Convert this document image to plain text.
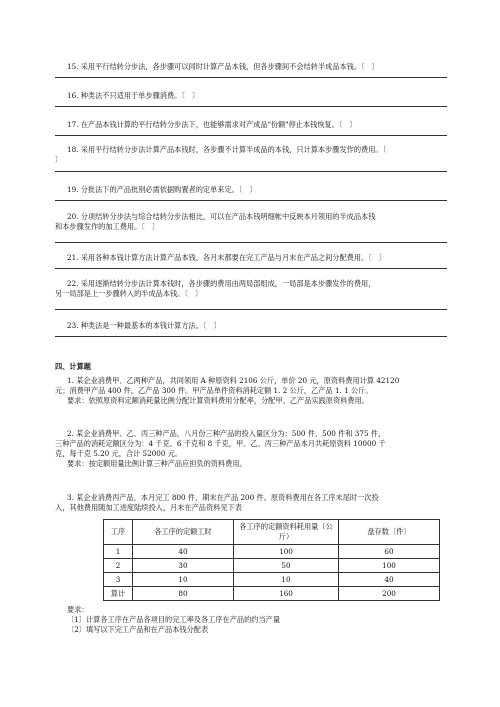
15. 采用平行结转分步法，各步骤可以同时计算产品本钱，但各步骤间不会结转半成品本钱。〔　〕
16. 种类法不只适用于单步骤消费。〔　〕
17. 在产品本钱计算的平行结转分步法下，也能够需求对产成品"份额"停止本钱恢复。〔　〕
18. 采用平行结转分步法计算产品本钱时，各步骤不计算半成品的本钱，只计算本步骤发作的费用。〔
〕
19. 分批法下的产品批别必需依据购置者的定单来定。〔　〕
20. 分项结转分步法与综合结转分步法相比，可以在产品本钱明细帐中反映本月领用的半成品本钱
和本步骤发作的加工费用。〔　〕
21. 采用各种本钱计算方法计算产品本钱，各月末都要在完工产品与月末在产品之间分配费用。〔　〕
22. 采用逐渐结转分步法计算本钱时，各步骤的费用由两局部组成，一局部是本步骤发作的费用，
另一局部是上一步骤转入的半成品本钱。〔　〕
23. 种类法是一种最基本的本钱计算方法。〔　〕
四、计算题
1. 某企业消费甲、乙两种产品，共同领用 A 种原资料 2106 公斤，单价 20 元，原资料费用计算 42120
元；消费甲产品 400 件，乙产品 300 件。甲产品单件资料消耗定额 1. 2 公斤，乙产品 1. 1 公斤。
要求：依照原资料定额消耗量比例分配计算资料费用分配率，分配甲、乙产品实践原资料费用。
2. 某企业消费甲、乙、丙三种产品，八月份三种产品的投入量区分为：500 件、500 件和 375 件，
三种产品的消耗定额区分为：4 千克、6 千克和 8 千克，甲、乙、丙三种产品本月共耗原资料 10000 千
克，每千克 5.20 元，合计 52000 元。
要求：按定额用量比例计算三种产品应担负的资料费用。
3. 某企业消费丙产品，本月完工 800 件，期末在产品 200 件。原资料费用在各工序末尾时一次投
入，其他费用随加工进度陆续投入，月末在产品资料见下表
工序	各工序的定额工时	各工序的定额资料耗用量（公斤）	盘存数〔件〕
1	40	100	60
2	30	50	100
3	10	10	40
算计	80	160	200
要求：
〔1〕计算各工序在产品各项目的完工率及各工序在产品的约当产量
〔2〕填写以下完工产品和在产品本钱分配表
